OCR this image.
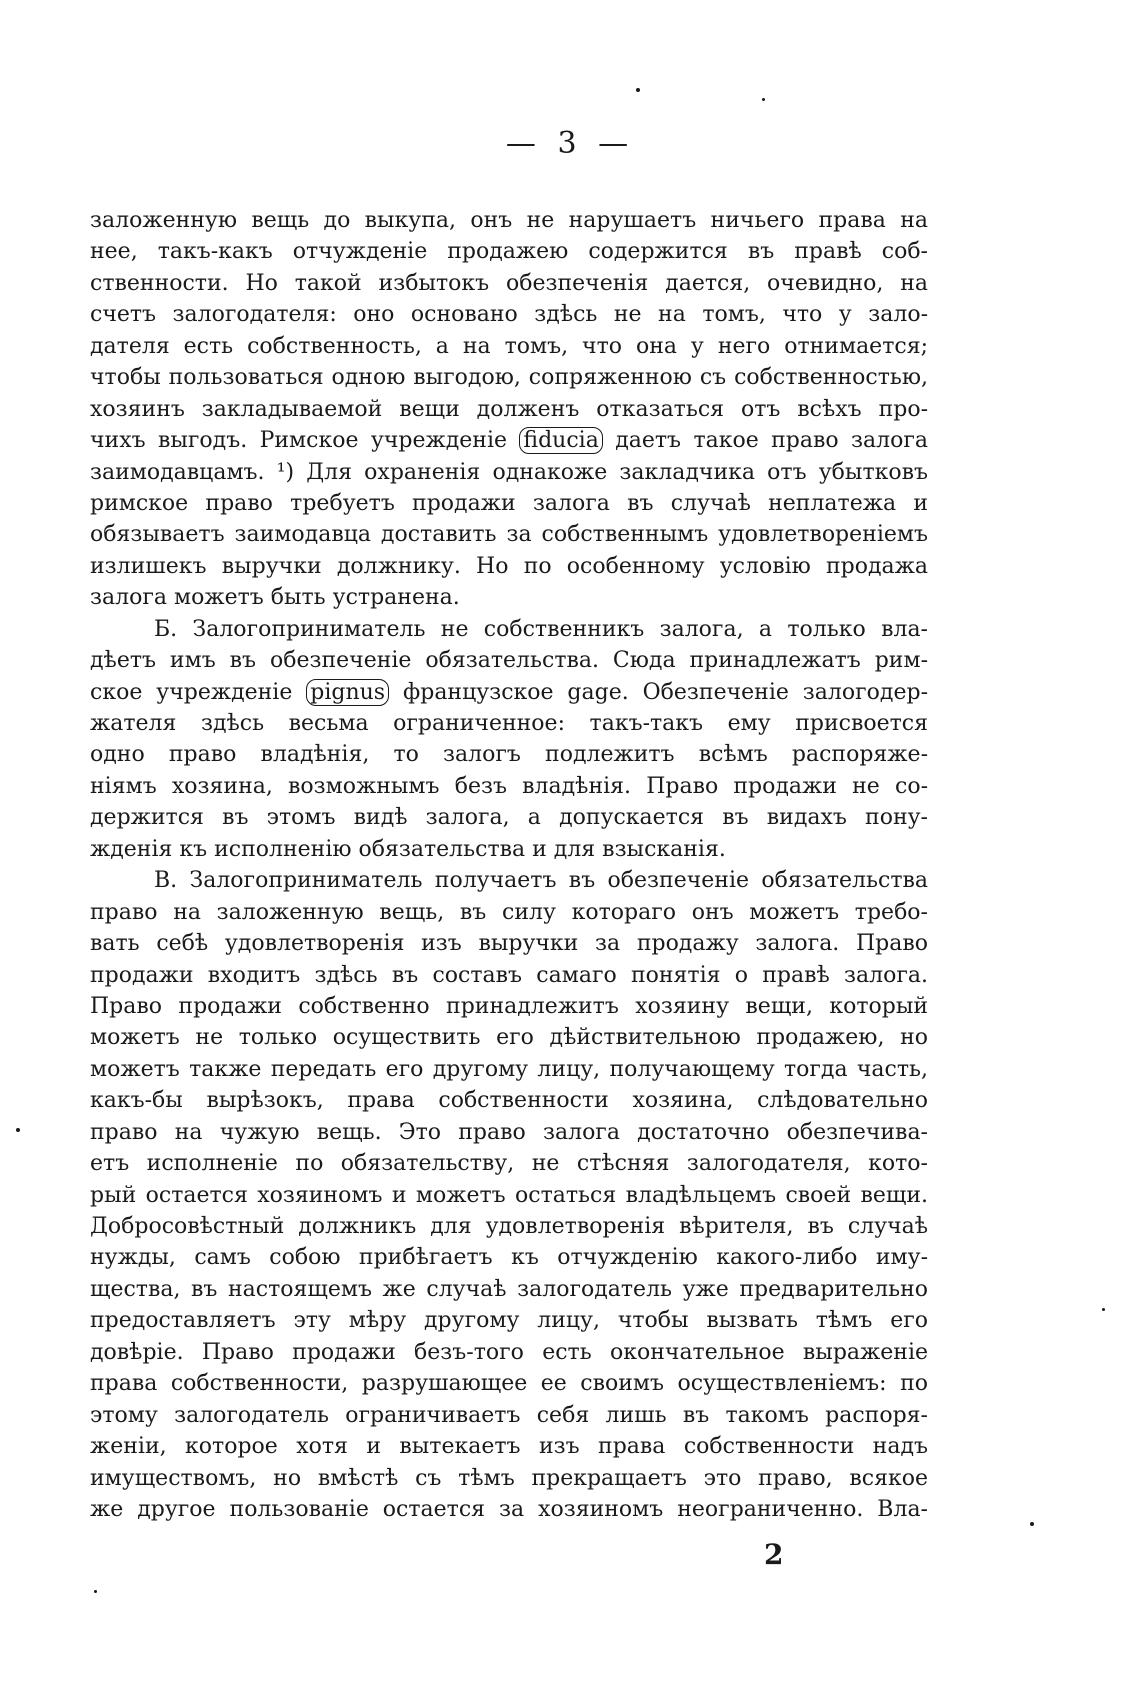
— 3 —
заложенную вещь до выкупа, онъ не нарушаетъ ничьего права на
нее, такъ-какъ отчужденіе продажею содержится въ правѣ соб-
ственности. Но такой избытокъ обезпеченія дается, очевидно, на
счетъ залогодателя: оно основано здѣсь не на томъ, что у зало-
дателя есть собственность, а на томъ, что она у него отнимается;
чтобы пользоваться одною выгодою, сопряженною съ собственностью,
хозяинъ закладываемой вещи долженъ отказаться отъ всѣхъ про-
чихъ выгодъ. Римское учрежденіе fiducia даетъ такое право залога
заимодавцамъ. ¹) Для охраненія однакоже закладчика отъ убытковъ
римское право требуетъ продажи залога въ случаѣ неплатежа и
обязываетъ заимодавца доставить за собственнымъ удовлетвореніемъ
излишекъ выручки должнику. Но по особенному условію продажа
залога можетъ быть устранена.
Б. Залогоприниматель не собственникъ залога, а только вла-
дѣетъ имъ въ обезпеченіе обязательства. Сюда принадлежатъ рим-
ское учрежденіе pignus французское gage. Обезпеченіе залогодер-
жателя здѣсь весьма ограниченное: такъ-такъ ему присвоется
одно право владѣнія, то залогъ подлежитъ всѣмъ распоряже-
ніямъ хозяина, возможнымъ безъ владѣнія. Право продажи не со-
держится въ этомъ видѣ залога, а допускается въ видахъ пону-
жденія къ исполненію обязательства и для взысканія.
В. Залогоприниматель получаетъ въ обезпеченіе обязательства
право на заложенную вещь, въ силу котораго онъ можетъ требо-
вать себѣ удовлетворенія изъ выручки за продажу залога. Право
продажи входитъ здѣсь въ составъ самаго понятія о правѣ залога.
Право продажи собственно принадлежитъ хозяину вещи, который
можетъ не только осуществить его дѣйствительною продажею, но
можетъ также передать его другому лицу, получающему тогда часть,
какъ-бы вырѣзокъ, права собственности хозяина, слѣдовательно
право на чужую вещь. Это право залога достаточно обезпечива-
етъ исполненіе по обязательству, не стѣсняя залогодателя, кото-
рый остается хозяиномъ и можетъ остаться владѣльцемъ своей вещи.
Добросовѣстный должникъ для удовлетворенія вѣрителя, въ случаѣ
нужды, самъ собою прибѣгаетъ къ отчужденію какого-либо иму-
щества, въ настоящемъ же случаѣ залогодатель уже предварительно
предоставляетъ эту мѣру другому лицу, чтобы вызвать тѣмъ его
довѣріе. Право продажи безъ-того есть окончательное выраженіе
права собственности, разрушающее ее своимъ осуществленіемъ: по
этому залогодатель ограничиваетъ себя лишь въ такомъ распоря-
женіи, которое хотя и вытекаетъ изъ права собственности надъ
имуществомъ, но вмѣстѣ съ тѣмъ прекращаетъ это право, всякое
же другое пользованіе остается за хозяиномъ неограниченно. Вла-
2
